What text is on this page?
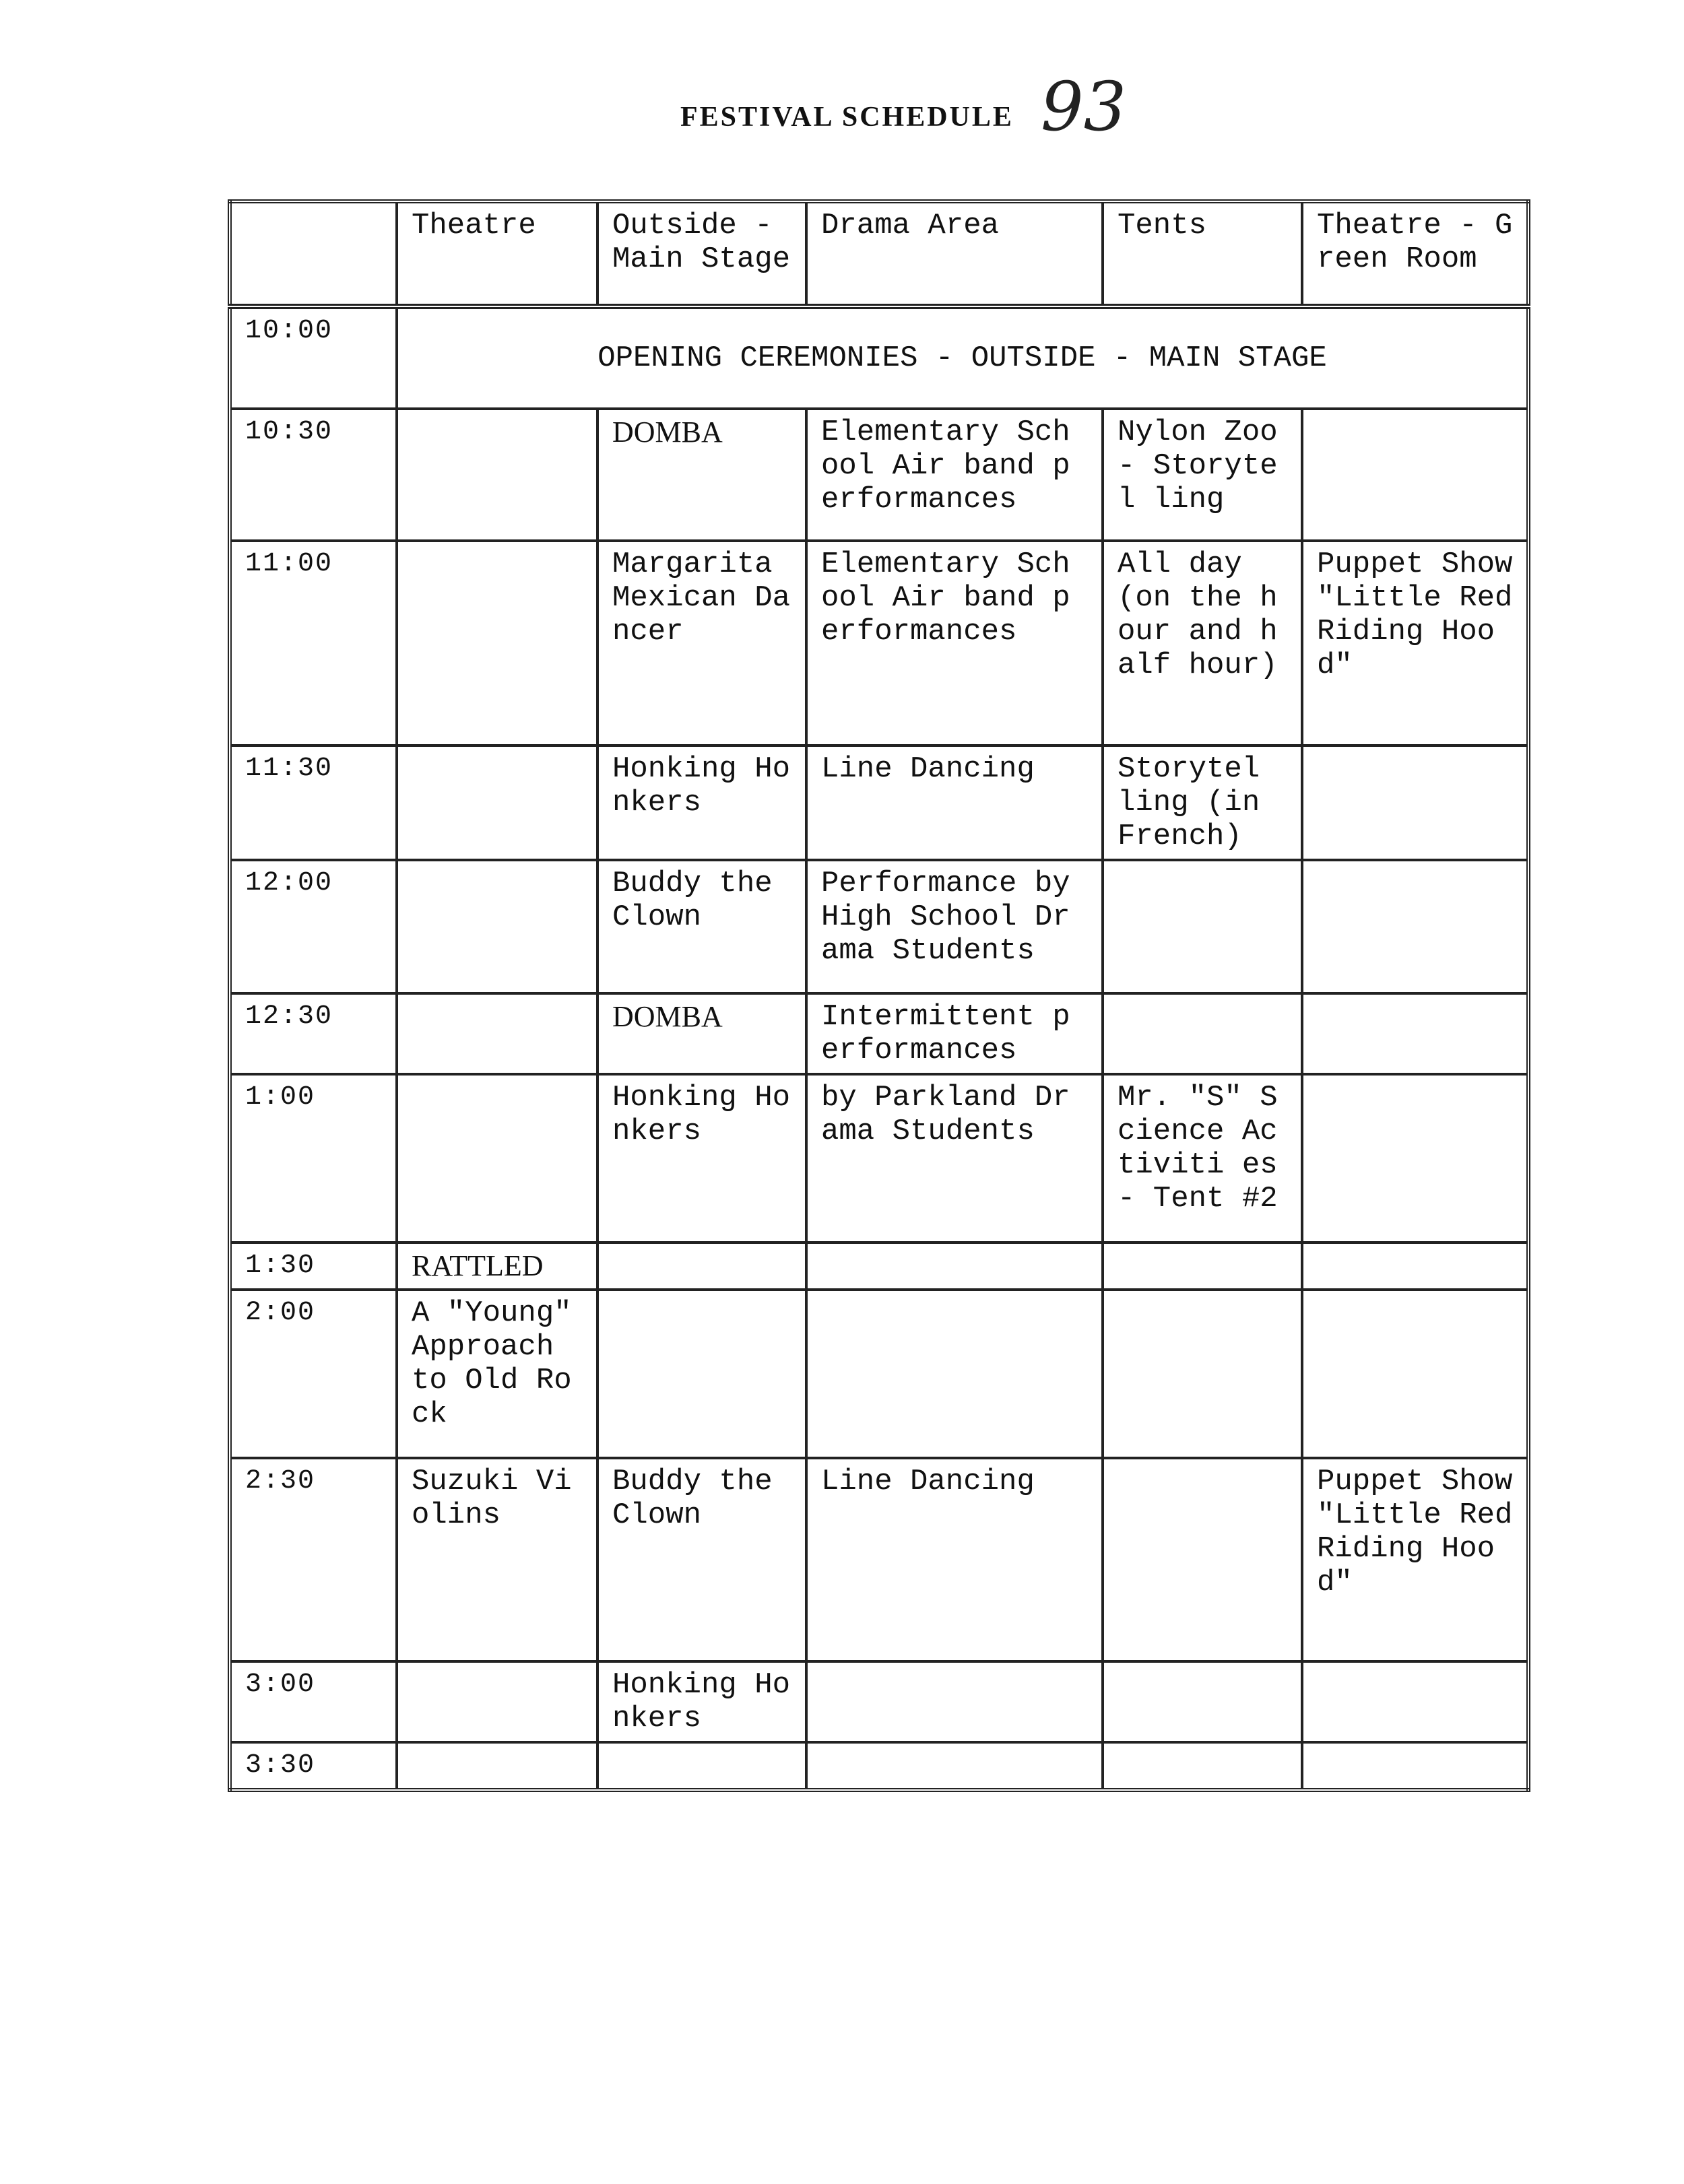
FESTIVAL SCHEDULE 93
	Theatre	Outside - Main Stage	Drama Area	Tents	Theatre - Green Room
10:00	OPENING CEREMONIES - OUTSIDE - MAIN STAGE				
10:30		DOMBA	Elementary School Air band performances	Nylon Zoo - Storytel ling	
11:00		Margarita Mexican Dancer	Elementary School Air band performances	All day (on the hour and half hour)	Puppet Show "Little Red Riding Hood"
11:30		Honking Honkers	Line Dancing	Storytel ling (in French)	
12:00		Buddy the Clown	Performance by High School Drama Students		
12:30		DOMBA	Intermittent performances		
1:00		Honking Honkers	by Parkland Drama Students	Mr. "S" Science Activiti es - Tent #2	
1:30	RATTLED				
2:00	A "Young" Approach to Old Rock				
2:30	Suzuki Violins	Buddy the Clown	Line Dancing		Puppet Show "Little Red Riding Hood"
3:00		Honking Honkers			
3:30					
